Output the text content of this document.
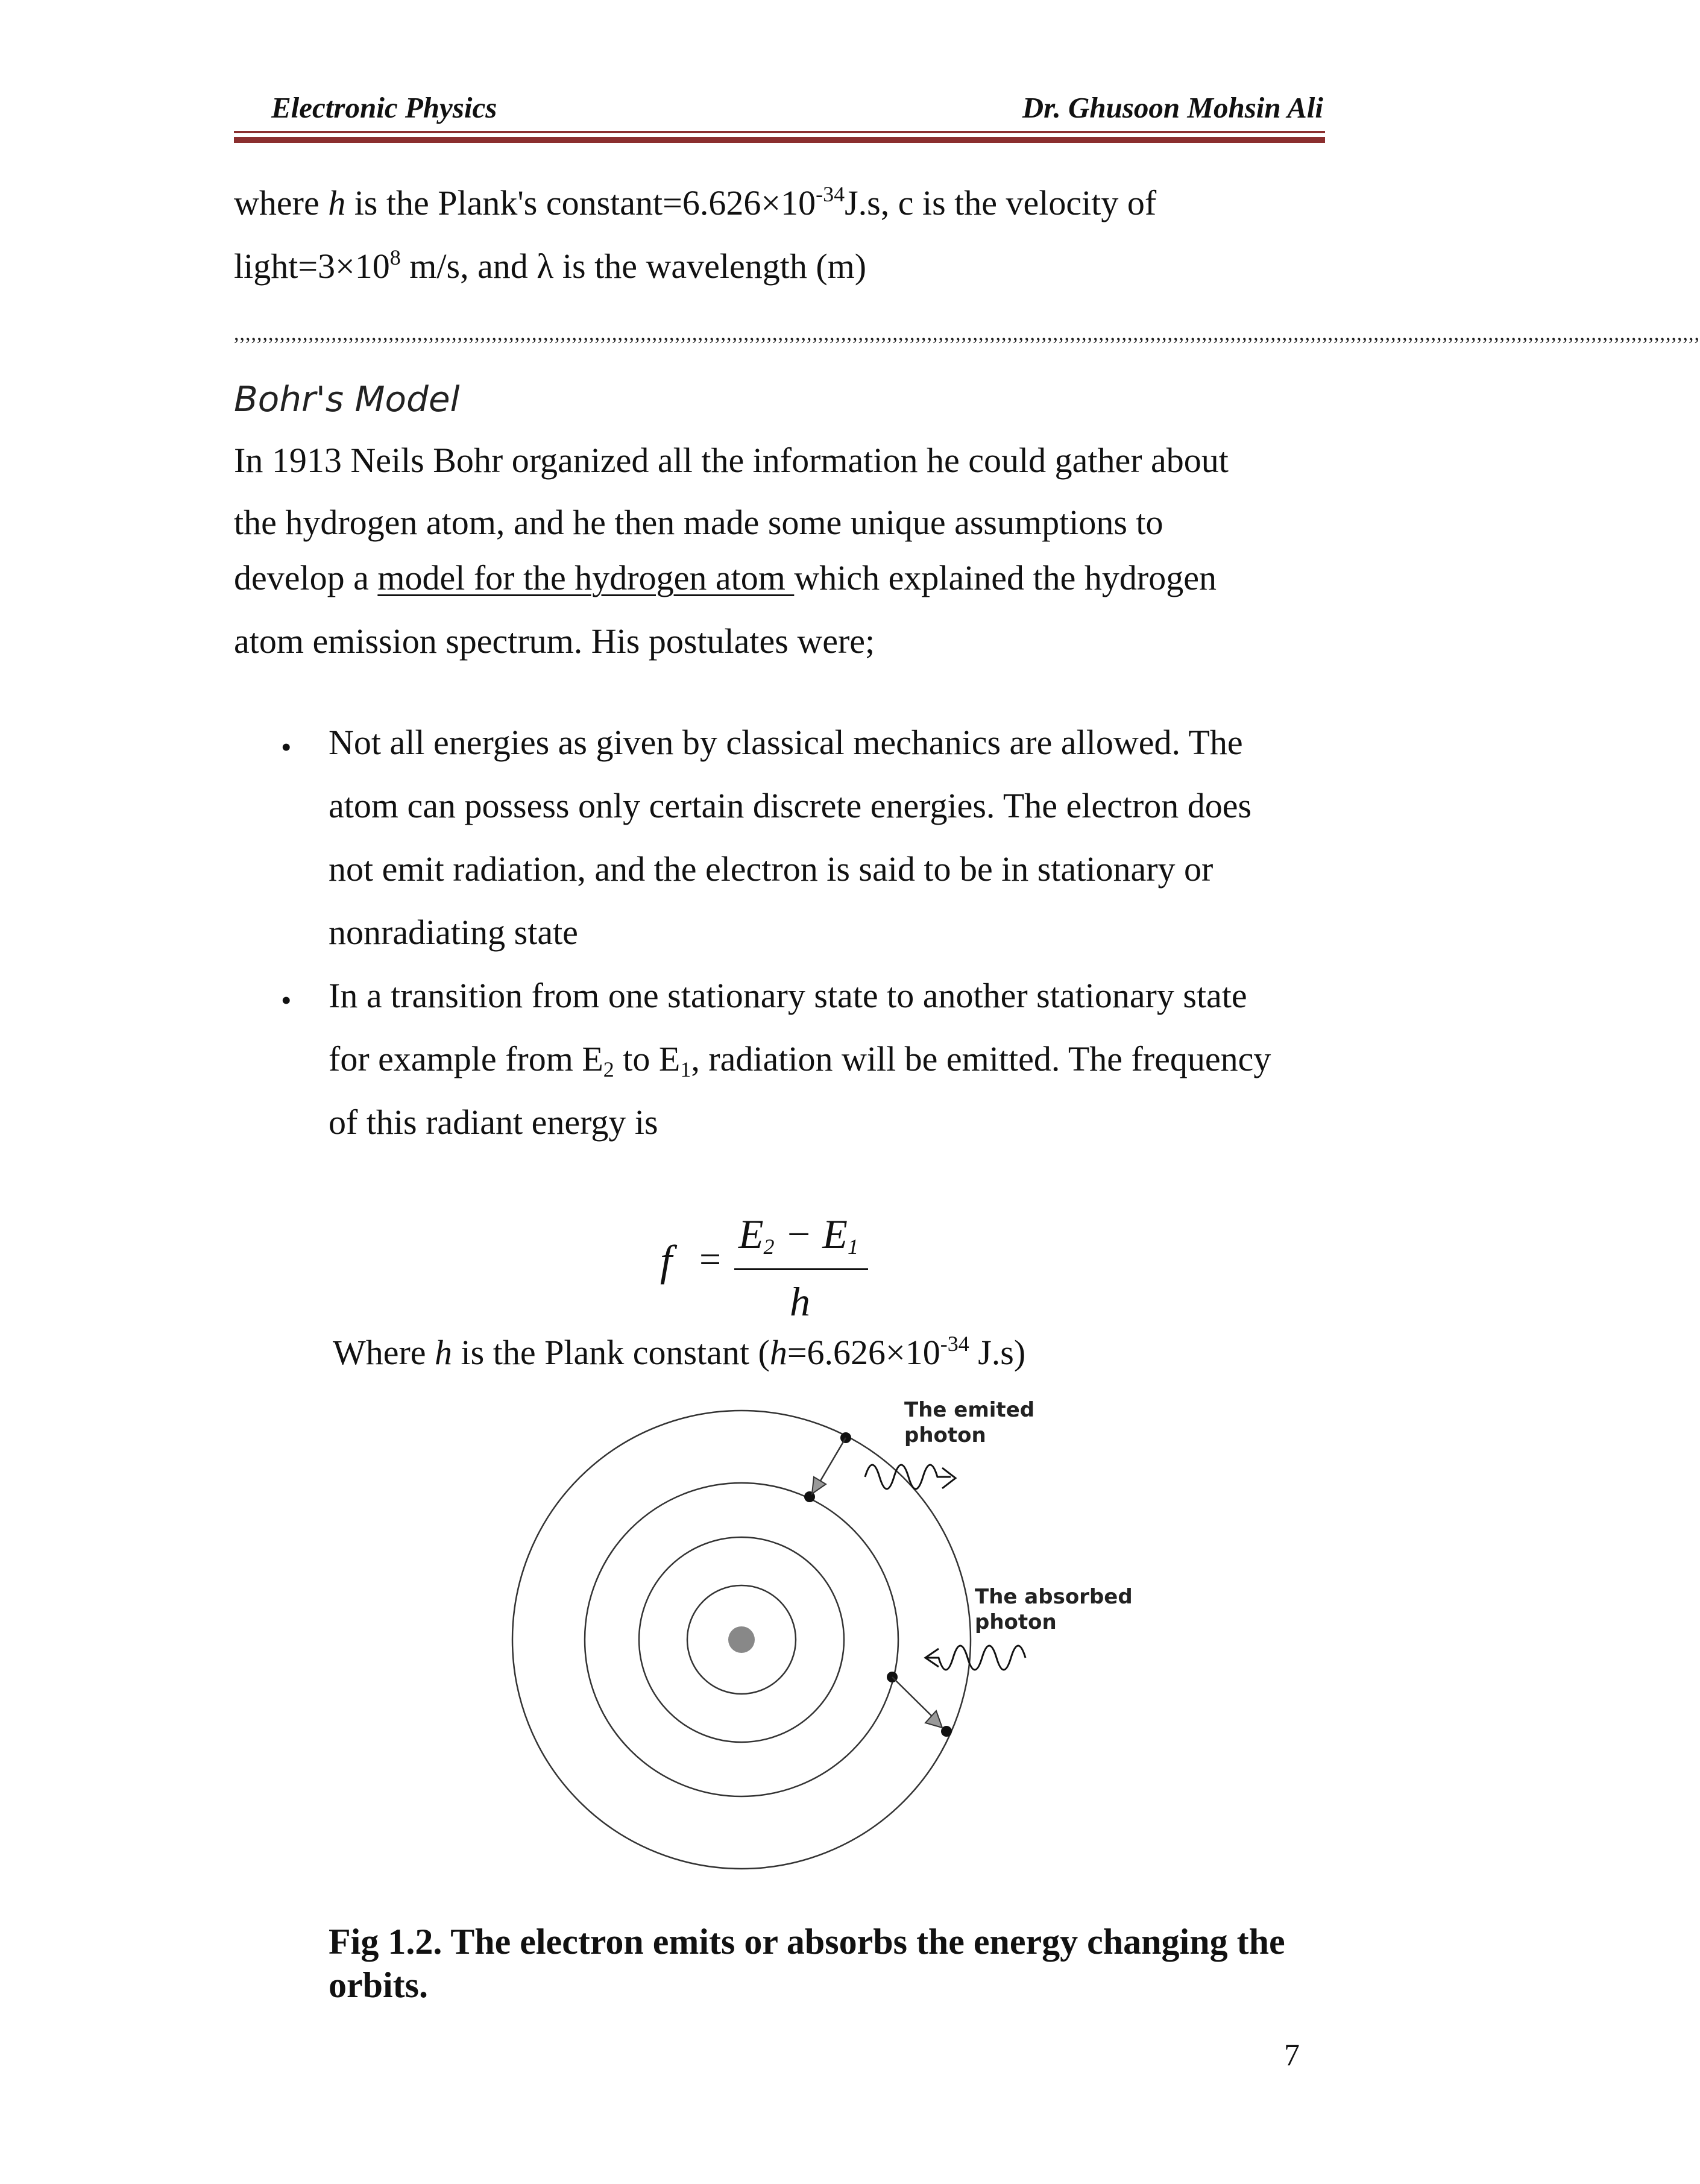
Electronic Physics	Dr. Ghusoon Mohsin Ali
where h is the Plank's $constant=6.626\times 10^{-34}J.s$, c is the velocity of
$light=3\times 10^8$ m/s, and λ is the wavelength (m)
,,,,,,,,,,,,,,,,,,,,,,,,,,,,,,,,,,,,,,,,,,,,,,,,,,,,,,,,,,,,,,,,,,,,,,,,,,,,,,,,,,,,,,,,,,,,,,,,,,,,,,,,,,,,,,,,,,,,,,,,,,,,,,,,,,,,,,,,,,,,,,,,,,,,,,,,,,,,,,,,,,,,,,,,,,,,,,,,,,,,,,,,,,,,,,,,,,,,,,,,,,,,,,,,,,,,,,,,,,,,,,,,,,,,,,,,,,,,,,,,,,,,,,,,,,,,,,,,
Bohr's Model
In 1913 Neils Bohr organized all the information he could gather about
the hydrogen atom, and he then made some unique assumptions to
develop a model for the hydrogen atom which explained the hydrogen
atom emission spectrum. His postulates were;
• Not all energies as given by classical mechanics are allowed. The
atom can possess only certain discrete energies. The electron does
not emit radiation, and the electron is said to be in stationary or
nonradiating state
• In a transition from one stationary state to another stationary state
for example from $E_2$ to $E_1$, radiation will be emitted. The frequency
of this radiant energy is
f =
$E_2 - E_1$
h
Where h is the Plank constant ($h=6.626\times 10^{-34}$ J.s)
The emited
photon
The absorbed
photon
Fig 1.2. The electron emits or absorbs the energy changing the orbits.
7
